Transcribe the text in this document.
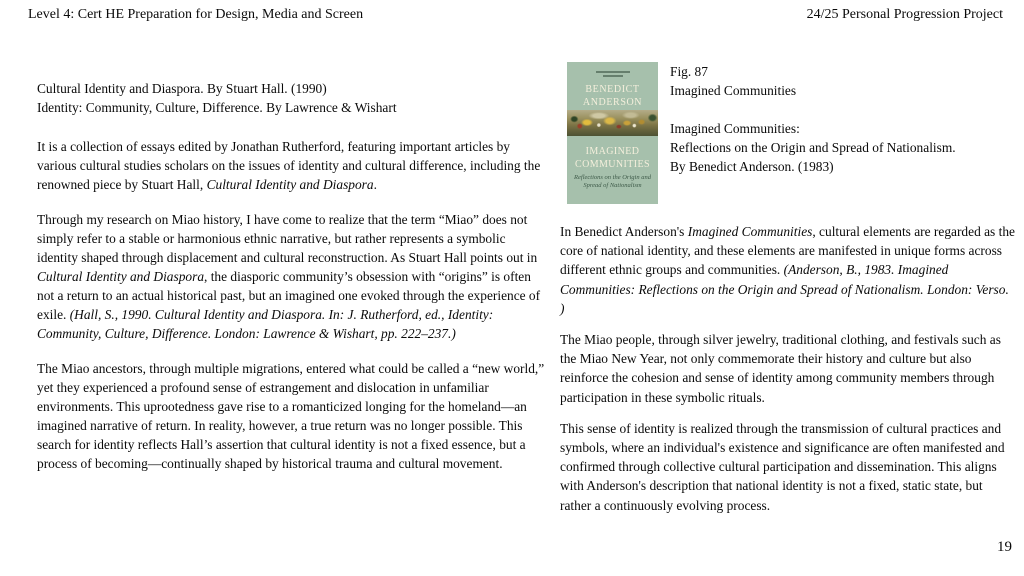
Level 4: Cert HE Preparation for Design, Media and Screen	24/25 Personal Progression Project
Cultural Identity and Diaspora. By Stuart Hall. (1990)
Identity: Community, Culture, Difference. By Lawrence & Wishart

It is a collection of essays edited by Jonathan Rutherford, featuring important articles by various cultural studies scholars on the issues of identity and cultural difference, including the renowned piece by Stuart Hall, Cultural Identity and Diaspora.

Through my research on Miao history, I have come to realize that the term “Miao” does not simply refer to a stable or harmonious ethnic narrative, but rather represents a symbolic identity shaped through displacement and cultural reconstruction. As Stuart Hall points out in Cultural Identity and Diaspora, the diasporic community’s obsession with “origins” is often not a return to an actual historical past, but an imagined one evoked through the experience of exile. (Hall, S., 1990. Cultural Identity and Diaspora. In: J. Rutherford, ed., Identity: Community, Culture, Difference. London: Lawrence & Wishart, pp. 222–237.)

The Miao ancestors, through multiple migrations, entered what could be called a “new world,” yet they experienced a profound sense of estrangement and dislocation in unfamiliar environments. This uprootedness gave rise to a romanticized longing for the homeland—an imagined narrative of return. In reality, however, a true return was no longer possible. This search for identity reflects Hall’s assertion that cultural identity is not a fixed essence, but a process of becoming—continually shaped by historical trauma and cultural movement.

BENEDICT
ANDERSON
IMAGINED
COMMUNITIES
Reflections on the Origin and
Spread of Nationalism
Fig. 87
Imagined Communities
Imagined Communities:
Reflections on the Origin and Spread of Nationalism.
By Benedict Anderson. (1983)

In Benedict Anderson's Imagined Communities, cultural elements are regarded as the core of national identity, and these elements are manifested in unique forms across different ethnic groups and communities. (Anderson, B., 1983. Imagined Communities: Reflections on the Origin and Spread of Nationalism. London: Verso. )

The Miao people, through silver jewelry, traditional clothing, and festivals such as the Miao New Year, not only commemorate their history and culture but also reinforce the cohesion and sense of identity among community members through participation in these symbolic rituals.

This sense of identity is realized through the transmission of cultural practices and symbols, where an individual's existence and significance are often manifested and confirmed through collective cultural participation and dissemination. This aligns with Anderson's description that national identity is not a fixed, static state, but rather a continuously evolving process.

19
